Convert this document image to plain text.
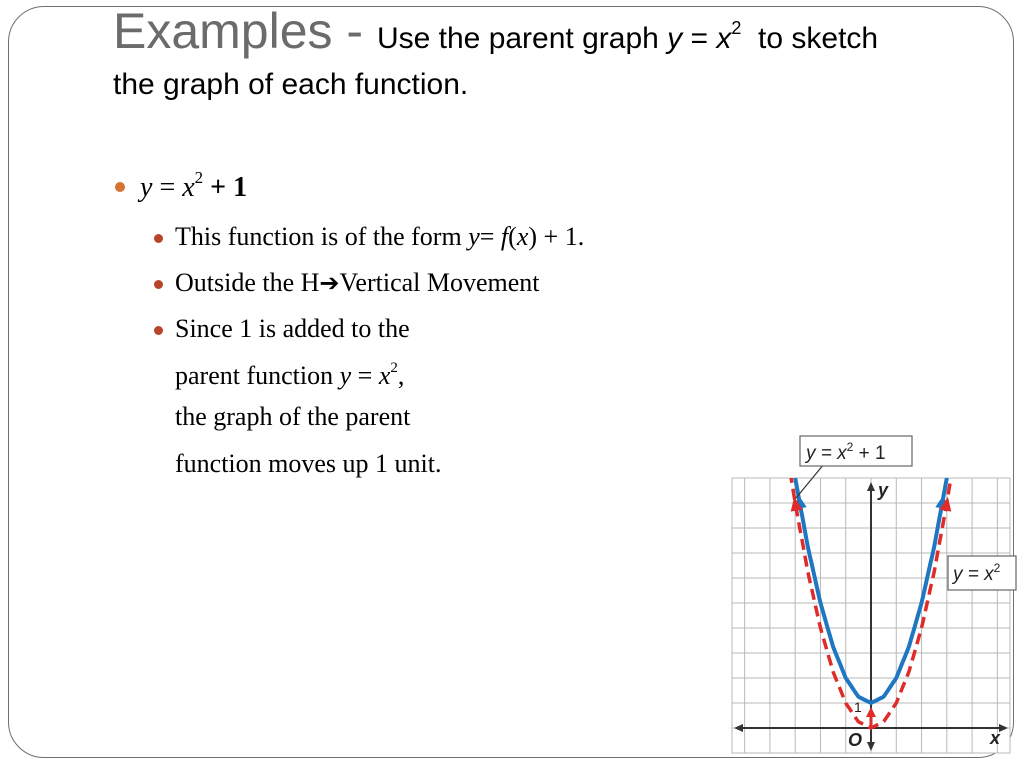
Examples - Use the parent graph $y = x^2$  to sketch
the graph of each function.
$y = x^2 + 1$
This function is of the form y= f(x) + 1.
Outside the H➔Vertical Movement
Since 1 is added to the
parent function $y = x^2$,
the graph of the parent
function moves up 1 unit.	$y = x^2 + 1$
$y = x^2$
y
x
O
1
